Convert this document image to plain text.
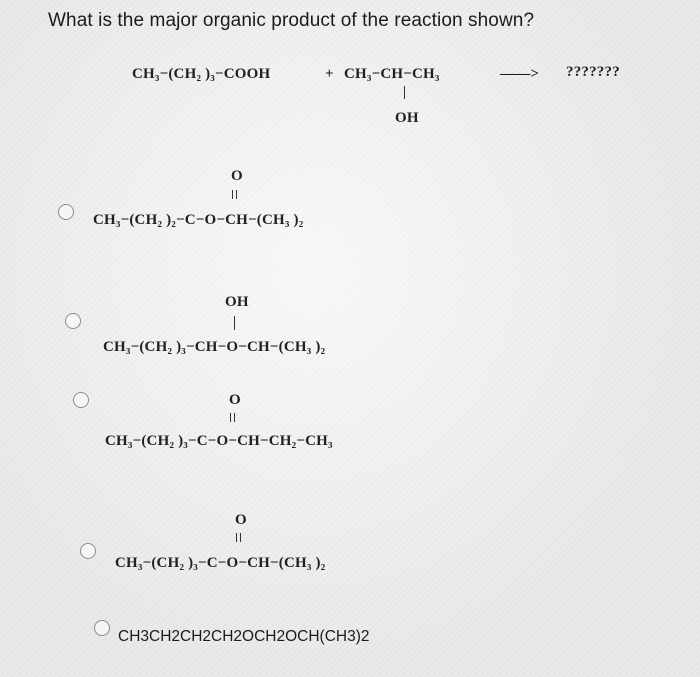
What is the major organic product of the reaction shown?
CH₃−(CH₂ )₃−COOH	+ CH₃−CH−CH₃
OH
——> ???????
O
CH₃−(CH₂ )₂−C−O−CH−(CH₃ )₂
OH
CH₃−(CH₂ )₃−CH−O−CH−(CH₃ )₂
O
CH₃−(CH₂ )₃−C−O−CH−CH₂−CH₃
O
CH₃−(CH₂ )₃−C−O−CH−(CH₃ )₂
CH3CH2CH2CH2OCH2OCH(CH3)2
